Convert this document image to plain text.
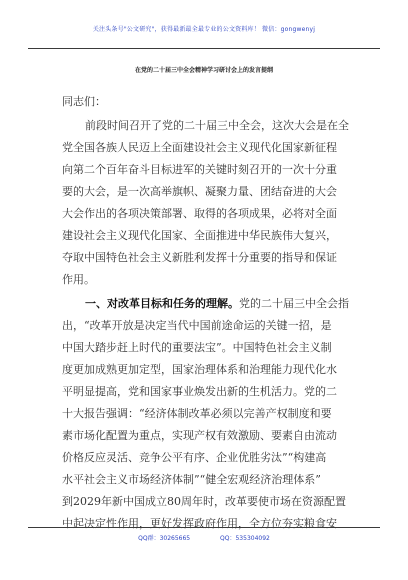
关注头条号"公文研究"，获得最新最全最专业的公文资料库！ 微信：gongwenyj
在党的二十届三中全会精神学习研讨会上的发言提纲
同志们：
前段时间召开了党的二十届三中全会，这次大会是在全
党全国各族人民迈上全面建设社会主义现代化国家新征程
向第二个百年奋斗目标进军的关键时刻召开的一次十分重
要的大会，是一次高举旗帜、凝聚力量、团结奋进的大会
大会作出的各项决策部署、取得的各项成果，必将对全面
建设社会主义现代化国家、全面推进中华民族伟大复兴，
夺取中国特色社会主义新胜利发挥十分重要的指导和保证
作用。
一、对改革目标和任务的理解。党的二十届三中全会指
出，“改革开放是决定当代中国前途命运的关键一招，是
中国大踏步赶上时代的重要法宝”。中国特色社会主义制
度更加成熟更加定型，国家治理体系和治理能力现代化水
平明显提高，党和国家事业焕发出新的生机活力。党的二
十大报告强调：“经济体制改革必须以完善产权制度和要
素市场化配置为重点，实现产权有效激励、要素自由流动
价格反应灵活、竞争公平有序、企业优胜劣汰”“构建高
水平社会主义市场经济体制”“健全宏观经济治理体系”
到2029年新中国成立80周年时，改革要使市场在资源配置
中起决定性作用，更好发挥政府作用，全方位夯实粮食安
QQ群：30265665	QQ：535304092
